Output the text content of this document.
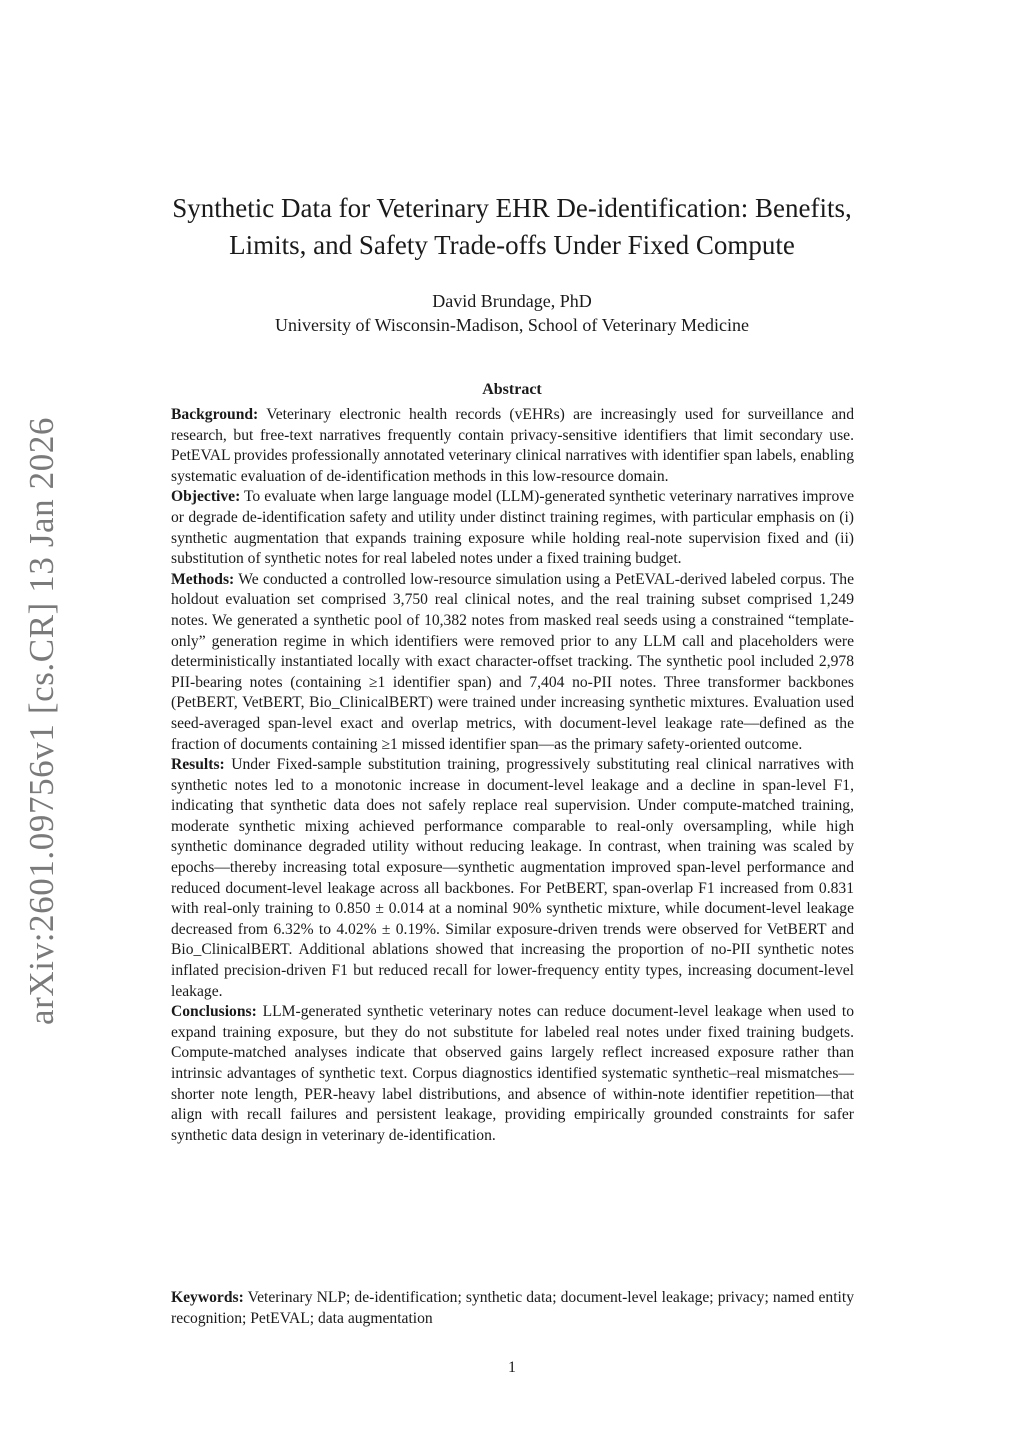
arXiv:2601.09756v1 [cs.CR] 13 Jan 2026
Synthetic Data for Veterinary EHR De-identification: Benefits,
Limits, and Safety Trade-offs Under Fixed Compute
David Brundage, PhD
University of Wisconsin-Madison, School of Veterinary Medicine
Abstract

Background: Veterinary electronic health records (vEHRs) are increasingly used for surveillance and research, but free-text narratives frequently contain privacy-sensitive identifiers that limit secondary use. PetEVAL provides professionally annotated veterinary clinical narratives with identifier span labels, enabling systematic evaluation of de-identification methods in this low-resource domain.

Objective: To evaluate when large language model (LLM)-generated synthetic veterinary narratives improve or degrade de-identification safety and utility under distinct training regimes, with particular emphasis on (i) synthetic augmentation that expands training exposure while holding real-note supervision fixed and (ii) substitution of synthetic notes for real labeled notes under a fixed training budget.

Methods: We conducted a controlled low-resource simulation using a PetEVAL-derived labeled corpus. The holdout evaluation set comprised 3,750 real clinical notes, and the real training subset comprised 1,249 notes. We generated a synthetic pool of 10,382 notes from masked real seeds using a constrained “template-only” generation regime in which identifiers were removed prior to any LLM call and placeholders were deterministically instantiated locally with exact character-offset tracking. The synthetic pool included 2,978 PII-bearing notes (containing ≥1 identifier span) and 7,404 no-PII notes. Three transformer backbones (PetBERT, VetBERT, Bio_ClinicalBERT) were trained under increasing synthetic mixtures. Evaluation used seed-averaged span-level exact and overlap metrics, with document-level leakage rate—defined as the fraction of documents containing ≥1 missed identifier span—as the primary safety-oriented outcome.

Results: Under Fixed-sample substitution training, progressively substituting real clinical narratives with synthetic notes led to a monotonic increase in document-level leakage and a decline in span-level F1, indicating that synthetic data does not safely replace real supervision. Under compute-matched training, moderate synthetic mixing achieved performance comparable to real-only oversampling, while high synthetic dominance degraded utility without reducing leakage. In contrast, when training was scaled by epochs—thereby increasing total exposure—synthetic augmentation improved span-level performance and reduced document-level leakage across all backbones. For PetBERT, span-overlap F1 increased from 0.831 with real-only training to 0.850 ± 0.014 at a nominal 90% synthetic mixture, while document-level leakage decreased from 6.32% to 4.02% ± 0.19%. Similar exposure-driven trends were observed for VetBERT and Bio_ClinicalBERT. Additional ablations showed that increasing the proportion of no-PII synthetic notes inflated precision-driven F1 but reduced recall for lower-frequency entity types, increasing document-level leakage.

Conclusions: LLM-generated synthetic veterinary notes can reduce document-level leakage when used to expand training exposure, but they do not substitute for labeled real notes under fixed training budgets. Compute-matched analyses indicate that observed gains largely reflect increased exposure rather than intrinsic advantages of synthetic text. Corpus diagnostics identified systematic synthetic–real mismatches—shorter note length, PER-heavy label distributions, and absence of within-note identifier repetition—that align with recall failures and persistent leakage, providing empirically grounded constraints for safer synthetic data design in veterinary de-identification.

Keywords: Veterinary NLP; de-identification; synthetic data; document-level leakage; privacy; named entity recognition; PetEVAL; data augmentation

1
